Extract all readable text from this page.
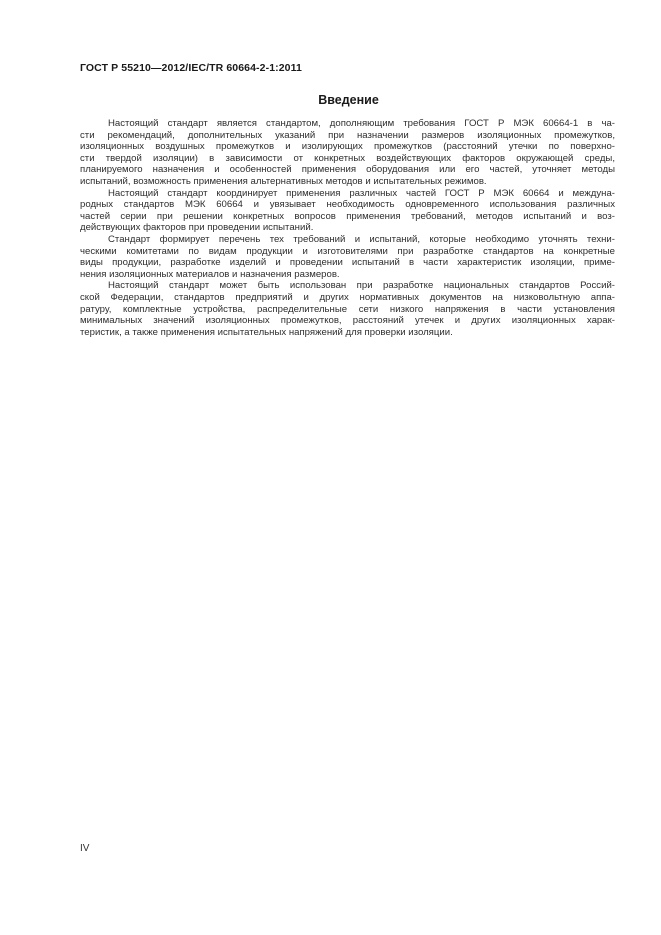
ГОСТ Р 55210—2012/IEC/TR 60664-2-1:2011
Введение
Настоящий стандарт является стандартом, дополняющим требования ГОСТ Р МЭК 60664-1 в ча-
сти рекомендаций, дополнительных указаний при назначении размеров изоляционных промежутков,
изоляционных воздушных промежутков и изолирующих промежутков (расстояний утечки по поверхно-
сти твердой изоляции) в зависимости от конкретных воздействующих факторов окружающей среды,
планируемого назначения и особенностей применения оборудования или его частей, уточняет методы
испытаний, возможность применения альтернативных методов и испытательных режимов.
Настоящий стандарт координирует применения различных частей ГОСТ Р МЭК 60664 и междуна-
родных стандартов МЭК 60664 и увязывает необходимость одновременного использования различных
частей серии при решении конкретных вопросов применения требований, методов испытаний и воз-
действующих факторов при проведении испытаний.
Стандарт формирует перечень тех требований и испытаний, которые необходимо уточнять техни-
ческими комитетами по видам продукции и изготовителями при разработке стандартов на конкретные
виды продукции, разработке изделий и проведении испытаний в части характеристик изоляции, приме-
нения изоляционных материалов и назначения размеров.
Настоящий стандарт может быть использован при разработке национальных стандартов Россий-
ской Федерации, стандартов предприятий и других нормативных документов на низковольтную аппа-
ратуру, комплектные устройства, распределительные сети низкого напряжения в части установления
минимальных значений изоляционных промежутков, расстояний утечек и других изоляционных харак-
теристик, а также применения испытательных напряжений для проверки изоляции.
IV
